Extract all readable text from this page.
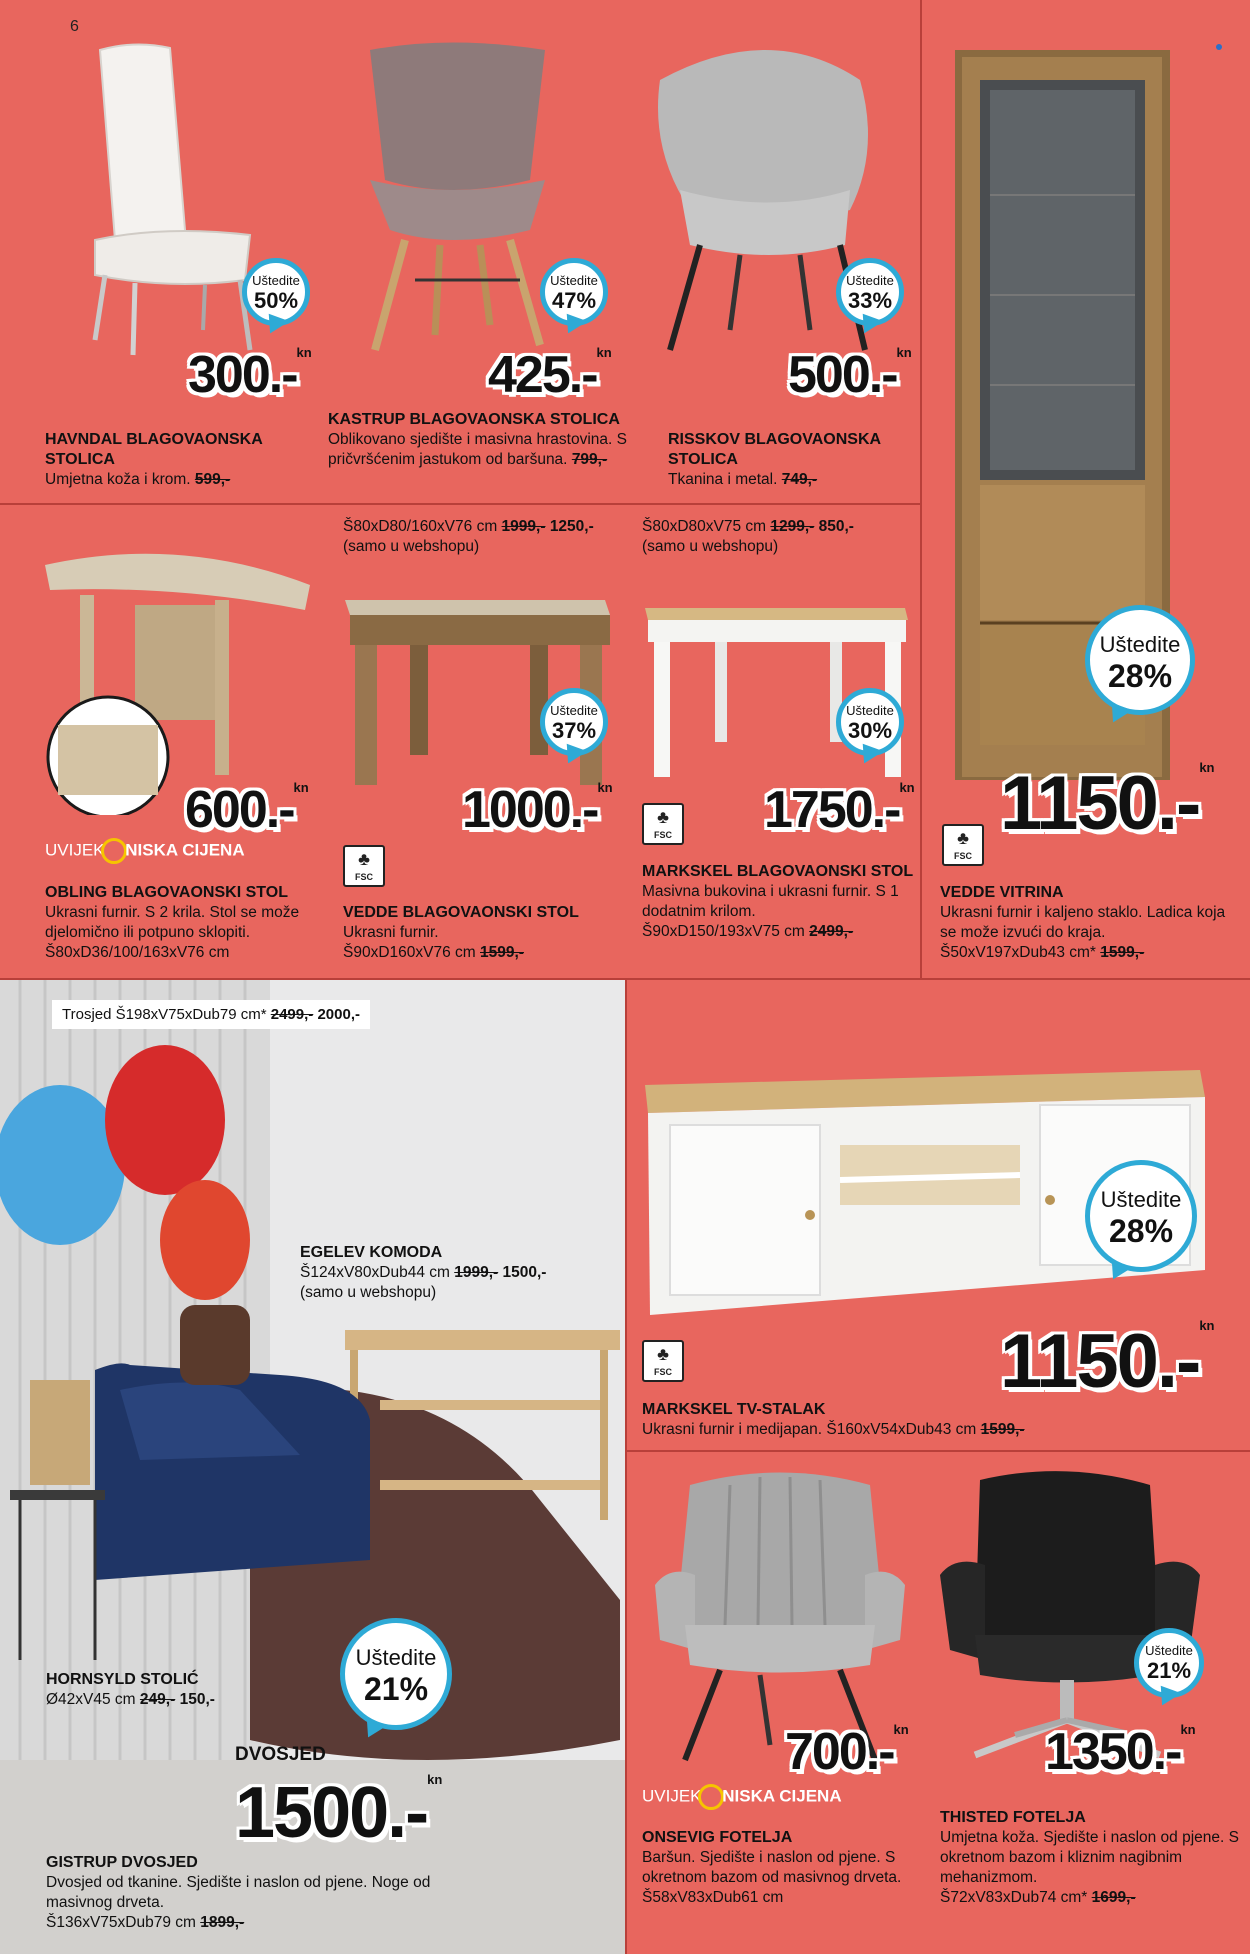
6
Uštedite
50%
300.-$^{kn}$
HAVNDAL BLAGOVAONSKA STOLICA
Umjetna koža i krom. 599,-
Uštedite
47%
425.-$^{kn}$
KASTRUP BLAGOVAONSKA STOLICA
Oblikovano sjedište i masivna hrastovina. S pričvršćenim jastukom od baršuna. 799,-
Uštedite
33%
500.-$^{kn}$
RISSKOV BLAGOVAONSKA STOLICA
Tkanina i metal. 749,-
Uštedite
28%
1150.-$^{kn}$
♣
FSC
VEDDE VITRINA
Ukrasni furnir i kaljeno staklo. Ladica koja se može izvući do kraja.
Š50xV197xDub43 cm* 1599,-
600.-$^{kn}$
UVIJEK NISKA CIJENA
OBLING BLAGOVAONSKI STOL
Ukrasni furnir. S 2 krila. Stol se može djelomično ili potpuno sklopiti.
Š80xD36/100/163xV76 cm
Š80xD80/160xV76 cm 1999,- 1250,-
(samo u webshopu)
Uštedite
37%
1000.-$^{kn}$
♣
FSC
VEDDE BLAGOVAONSKI STOL
Ukrasni furnir.
Š90xD160xV76 cm 1599,-
Š80xD80xV75 cm 1299,- 850,-
(samo u webshopu)
Uštedite
30%
1750.-$^{kn}$
♣
FSC
MARKSKEL BLAGOVAONSKI STOL
Masivna bukovina i ukrasni furnir. S 1 dodatnim krilom.
Š90xD150/193xV75 cm 2499,-
Trosjed Š198xV75xDub79 cm* 2499,- 2000,-
EGELEV KOMODA
Š124xV80xDub44 cm 1999,- 1500,-
(samo u webshopu)
HORNSYLD STOLIĆ
Ø42xV45 cm 249,- 150,-
Uštedite
21%
DVOSJED
1500.-$^{kn}$
GISTRUP DVOSJED
Dvosjed od tkanine. Sjedište i naslon od pjene. Noge od masivnog drveta.
Š136xV75xDub79 cm 1899,-
Uštedite
28%
1150.-$^{kn}$
♣
FSC
MARKSKEL TV-STALAK
Ukrasni furnir i medijapan. Š160xV54xDub43 cm 1599,-
700.-$^{kn}$
UVIJEK NISKA CIJENA
ONSEVIG FOTELJA
Baršun. Sjedište i naslon od pjene. S okretnom bazom od masivnog drveta.
Š58xV83xDub61 cm
Uštedite
21%
1350.-$^{kn}$
THISTED FOTELJA
Umjetna koža. Sjedište i naslon od pjene. S okretnom bazom i kliznim nagibnim mehanizmom.
Š72xV83xDub74 cm* 1699,-
